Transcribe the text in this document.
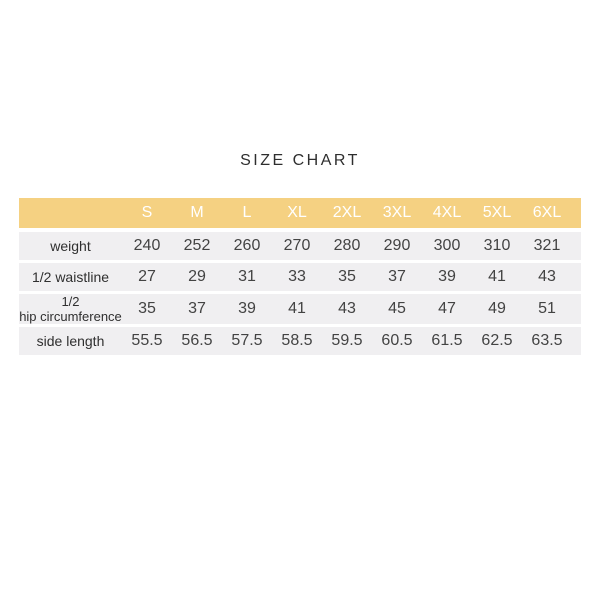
SIZE CHART
S	M	L	XL	2XL	3XL	4XL	5XL	6XL
weight	240	252	260	270	280	290	300	310	321
1/2 waistline	27	29	31	33	35	37	39	41	43
1/2
hip circumference	35	37	39	41	43	45	47	49	51
side length	55.5	56.5	57.5	58.5	59.5	60.5	61.5	62.5	63.5
